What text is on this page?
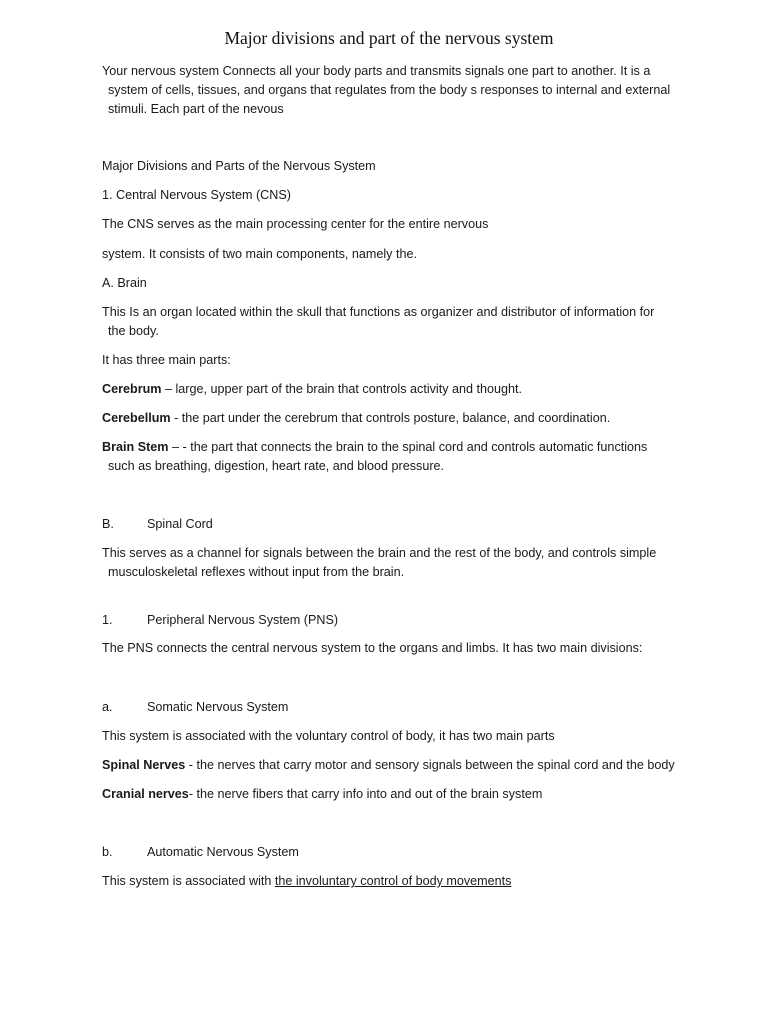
Major divisions and part of the nervous system

Your nervous system Connects all your body parts and transmits signals one part to another. It is a
system of cells, tissues, and organs that regulates from the body s responses to internal and external
stimuli. Each part of the nevous

Major Divisions and Parts of the Nervous System

1. Central Nervous System (CNS)

The CNS serves as the main processing center for the entire nervous

system. It consists of two main components, namely the.

A. Brain

This Is an organ located within the skull that functions as organizer and distributor of information for
the body.

It has three main parts:

Cerebrum – large, upper part of the brain that controls activity and thought.

Cerebellum - the part under the cerebrum that controls posture, balance, and coordination.

Brain Stem – - the part that connects the brain to the spinal cord and controls automatic functions
such as breathing, digestion, heart rate, and blood pressure.

B.	Spinal Cord

This serves as a channel for signals between the brain and the rest of the body, and controls simple
musculoskeletal reflexes without input from the brain.

1.	Peripheral Nervous System (PNS)

The PNS connects the central nervous system to the organs and limbs. It has two main divisions:

a.	Somatic Nervous System

This system is associated with the voluntary control of body, it has two main parts

Spinal Nerves - the nerves that carry motor and sensory signals between the spinal cord and the body

Cranial nerves- the nerve fibers that carry info into and out of the brain system

b.	Automatic Nervous System

This system is associated with the involuntary control of body movements
